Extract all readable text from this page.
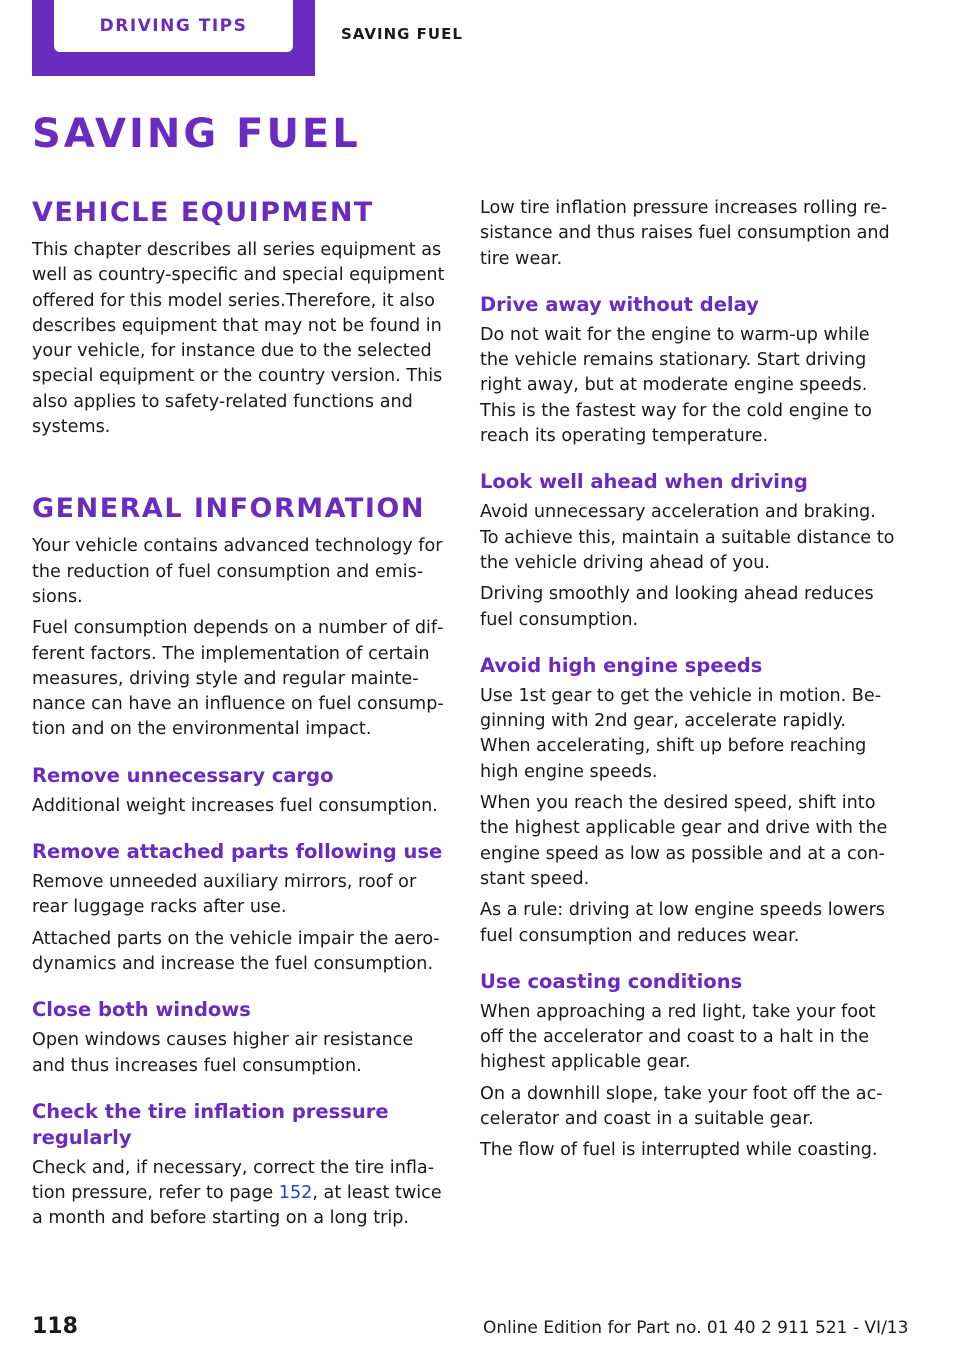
DRIVING TIPS	SAVING FUEL
SAVING FUEL
VEHICLE EQUIPMENT

This chapter describes all series equipment as well as country-specific and special equipment offered for this model series.Therefore, it also describes equipment that may not be found in your vehicle, for instance due to the selected special equipment or the country version. This also applies to safety-related functions and systems.

GENERAL INFORMATION

Your vehicle contains advanced technology for the reduction of fuel consumption and emissions.

Fuel consumption depends on a number of different factors. The implementation of certain measures, driving style and regular maintenance can have an influence on fuel consumption and on the environmental impact.

Remove unnecessary cargo

Additional weight increases fuel consumption.

Remove attached parts following use

Remove unneeded auxiliary mirrors, roof or rear luggage racks after use.

Attached parts on the vehicle impair the aerodynamics and increase the fuel consumption.

Close both windows

Open windows causes higher air resistance and thus increases fuel consumption.

Check the tire inflation pressure regularly

Check and, if necessary, correct the tire inflation pressure, refer to page 152, at least twice a month and before starting on a long trip.

Low tire inflation pressure increases rolling resistance and thus raises fuel consumption and tire wear.

Drive away without delay

Do not wait for the engine to warm-up while the vehicle remains stationary. Start driving right away, but at moderate engine speeds. This is the fastest way for the cold engine to reach its operating temperature.

Look well ahead when driving

Avoid unnecessary acceleration and braking. To achieve this, maintain a suitable distance to the vehicle driving ahead of you.

Driving smoothly and looking ahead reduces fuel consumption.

Avoid high engine speeds

Use 1st gear to get the vehicle in motion. Beginning with 2nd gear, accelerate rapidly. When accelerating, shift up before reaching high engine speeds.

When you reach the desired speed, shift into the highest applicable gear and drive with the engine speed as low as possible and at a constant speed.

As a rule: driving at low engine speeds lowers fuel consumption and reduces wear.

Use coasting conditions

When approaching a red light, take your foot off the accelerator and coast to a halt in the highest applicable gear.

On a downhill slope, take your foot off the accelerator and coast in a suitable gear.

The flow of fuel is interrupted while coasting.

118	Online Edition for Part no. 01 40 2 911 521 - VI/13
